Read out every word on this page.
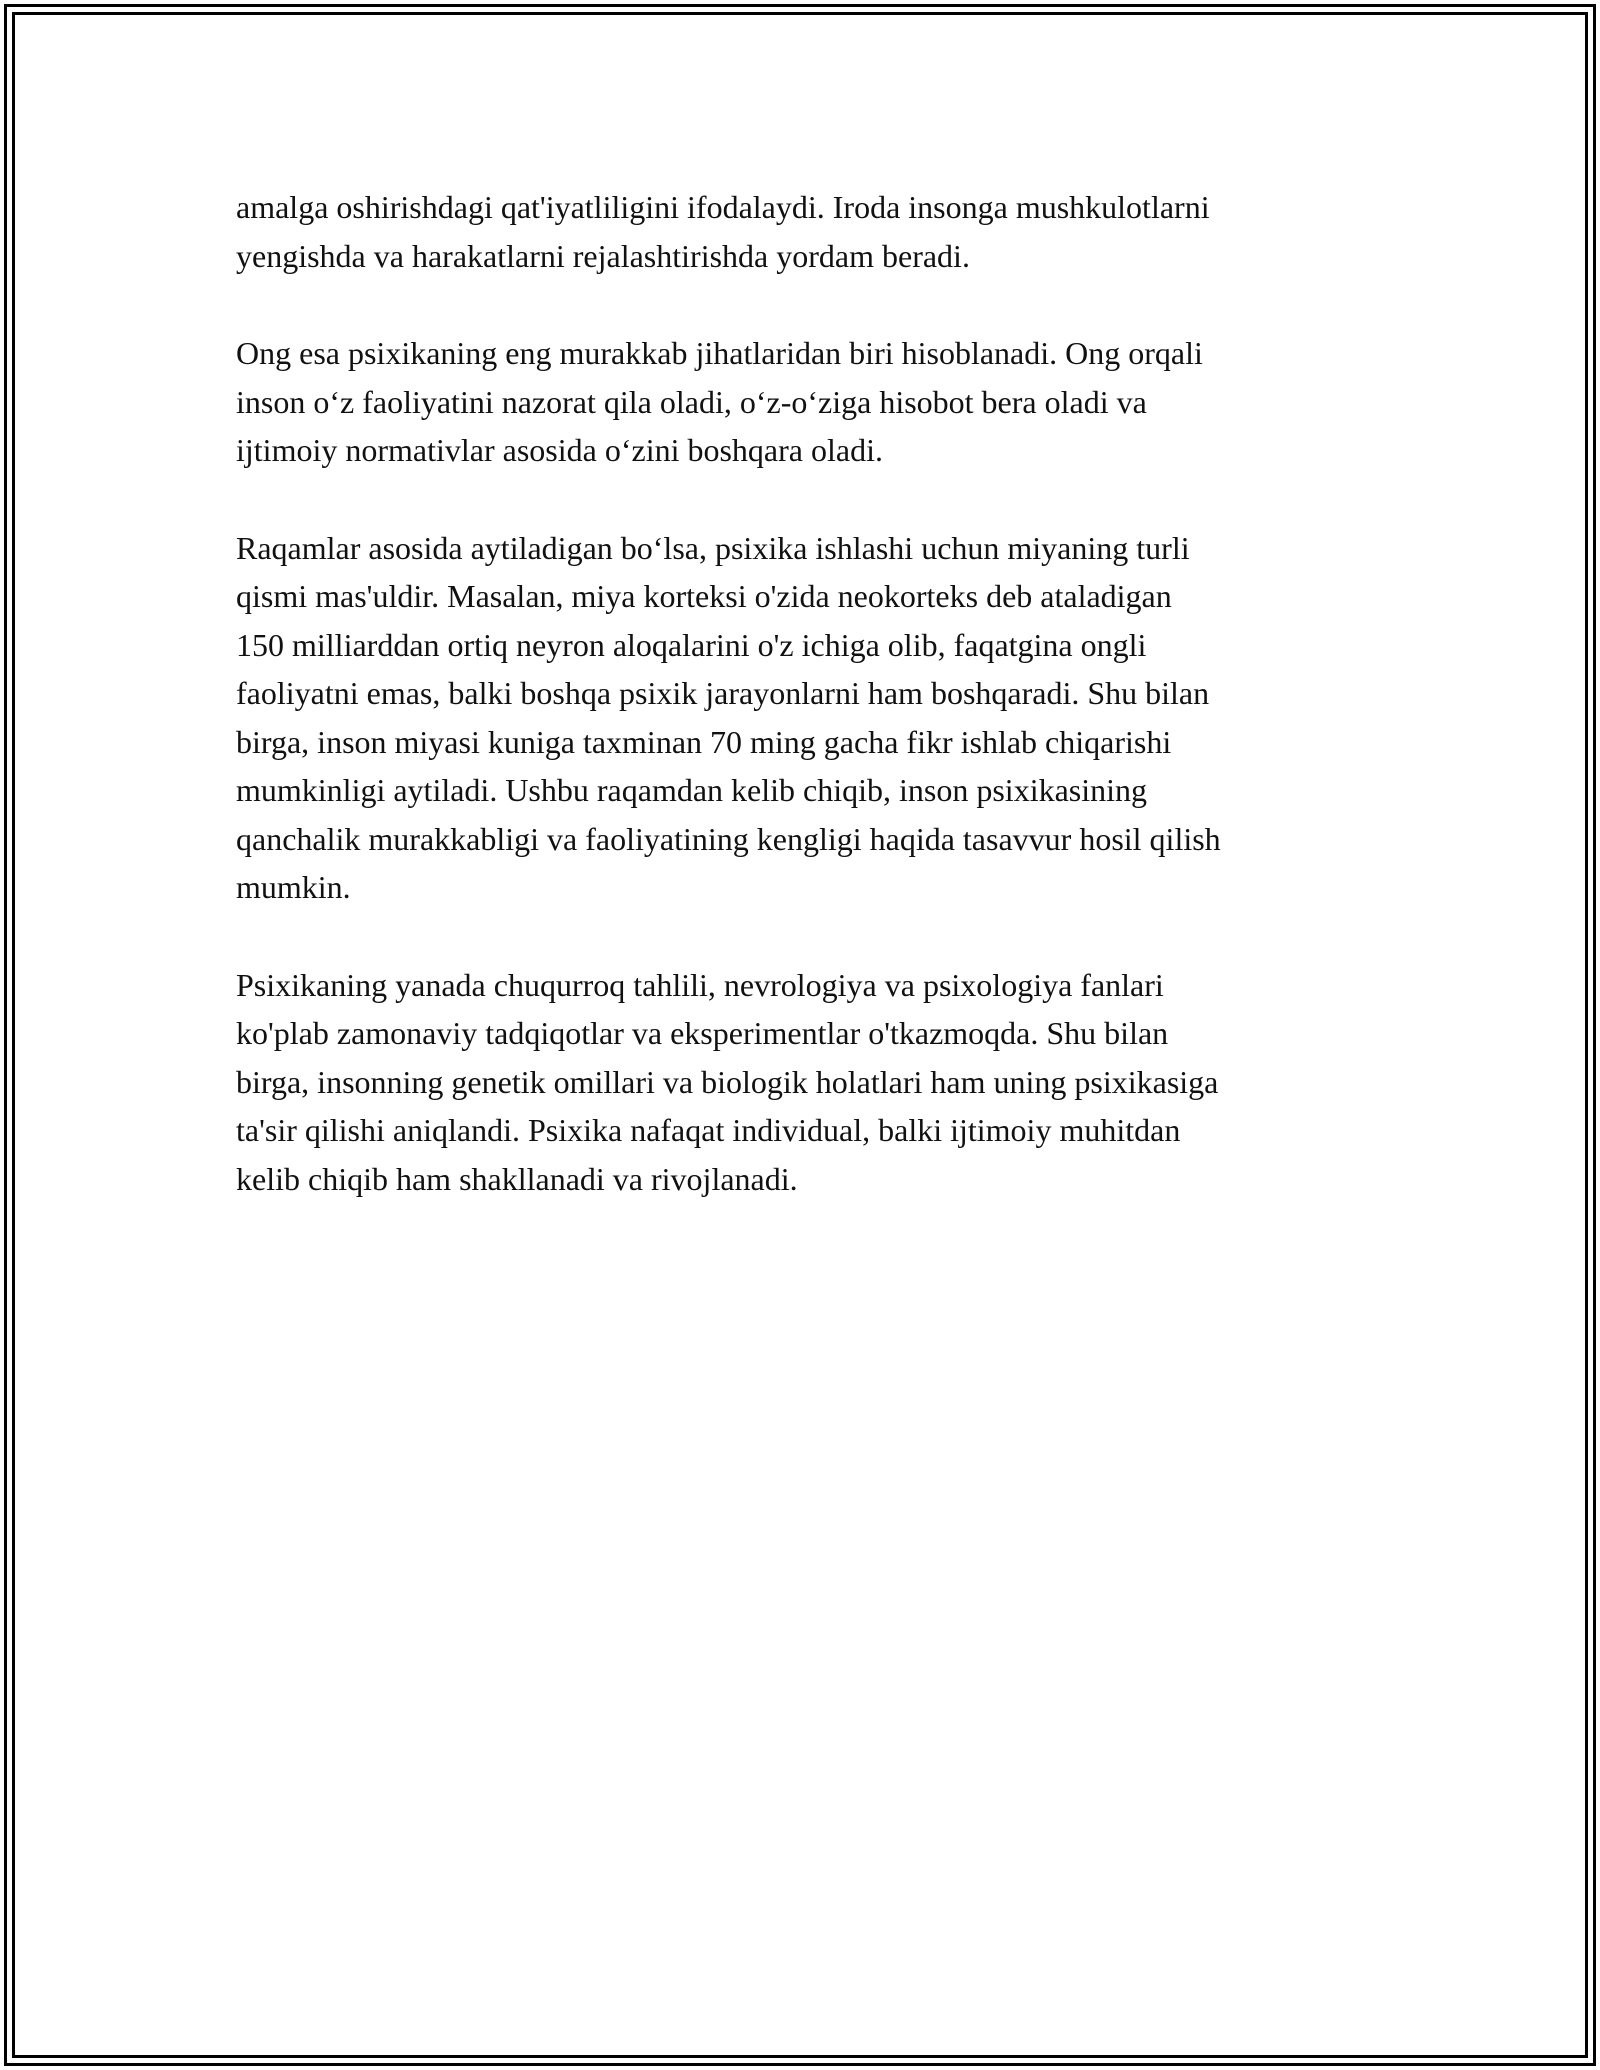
amalga oshirishdagi qat'iyatliligini ifodalaydi. Iroda insonga mushkulotlarni
yengishda va harakatlarni rejalashtirishda yordam beradi.

Ong esa psixikaning eng murakkab jihatlaridan biri hisoblanadi. Ong orqali
inson o‘z faoliyatini nazorat qila oladi, o‘z-o‘ziga hisobot bera oladi va
ijtimoiy normativlar asosida o‘zini boshqara oladi.

Raqamlar asosida aytiladigan bo‘lsa, psixika ishlashi uchun miyaning turli
qismi mas'uldir. Masalan, miya korteksi o'zida neokorteks deb ataladigan
150 milliarddan ortiq neyron aloqalarini o'z ichiga olib, faqatgina ongli
faoliyatni emas, balki boshqa psixik jarayonlarni ham boshqaradi. Shu bilan
birga, inson miyasi kuniga taxminan 70 ming gacha fikr ishlab chiqarishi
mumkinligi aytiladi. Ushbu raqamdan kelib chiqib, inson psixikasining
qanchalik murakkabligi va faoliyatining kengligi haqida tasavvur hosil qilish
mumkin.

Psixikaning yanada chuqurroq tahlili, nevrologiya va psixologiya fanlari
ko'plab zamonaviy tadqiqotlar va eksperimentlar o'tkazmoqda. Shu bilan
birga, insonning genetik omillari va biologik holatlari ham uning psixikasiga
ta'sir qilishi aniqlandi. Psixika nafaqat individual, balki ijtimoiy muhitdan
kelib chiqib ham shakllanadi va rivojlanadi.
